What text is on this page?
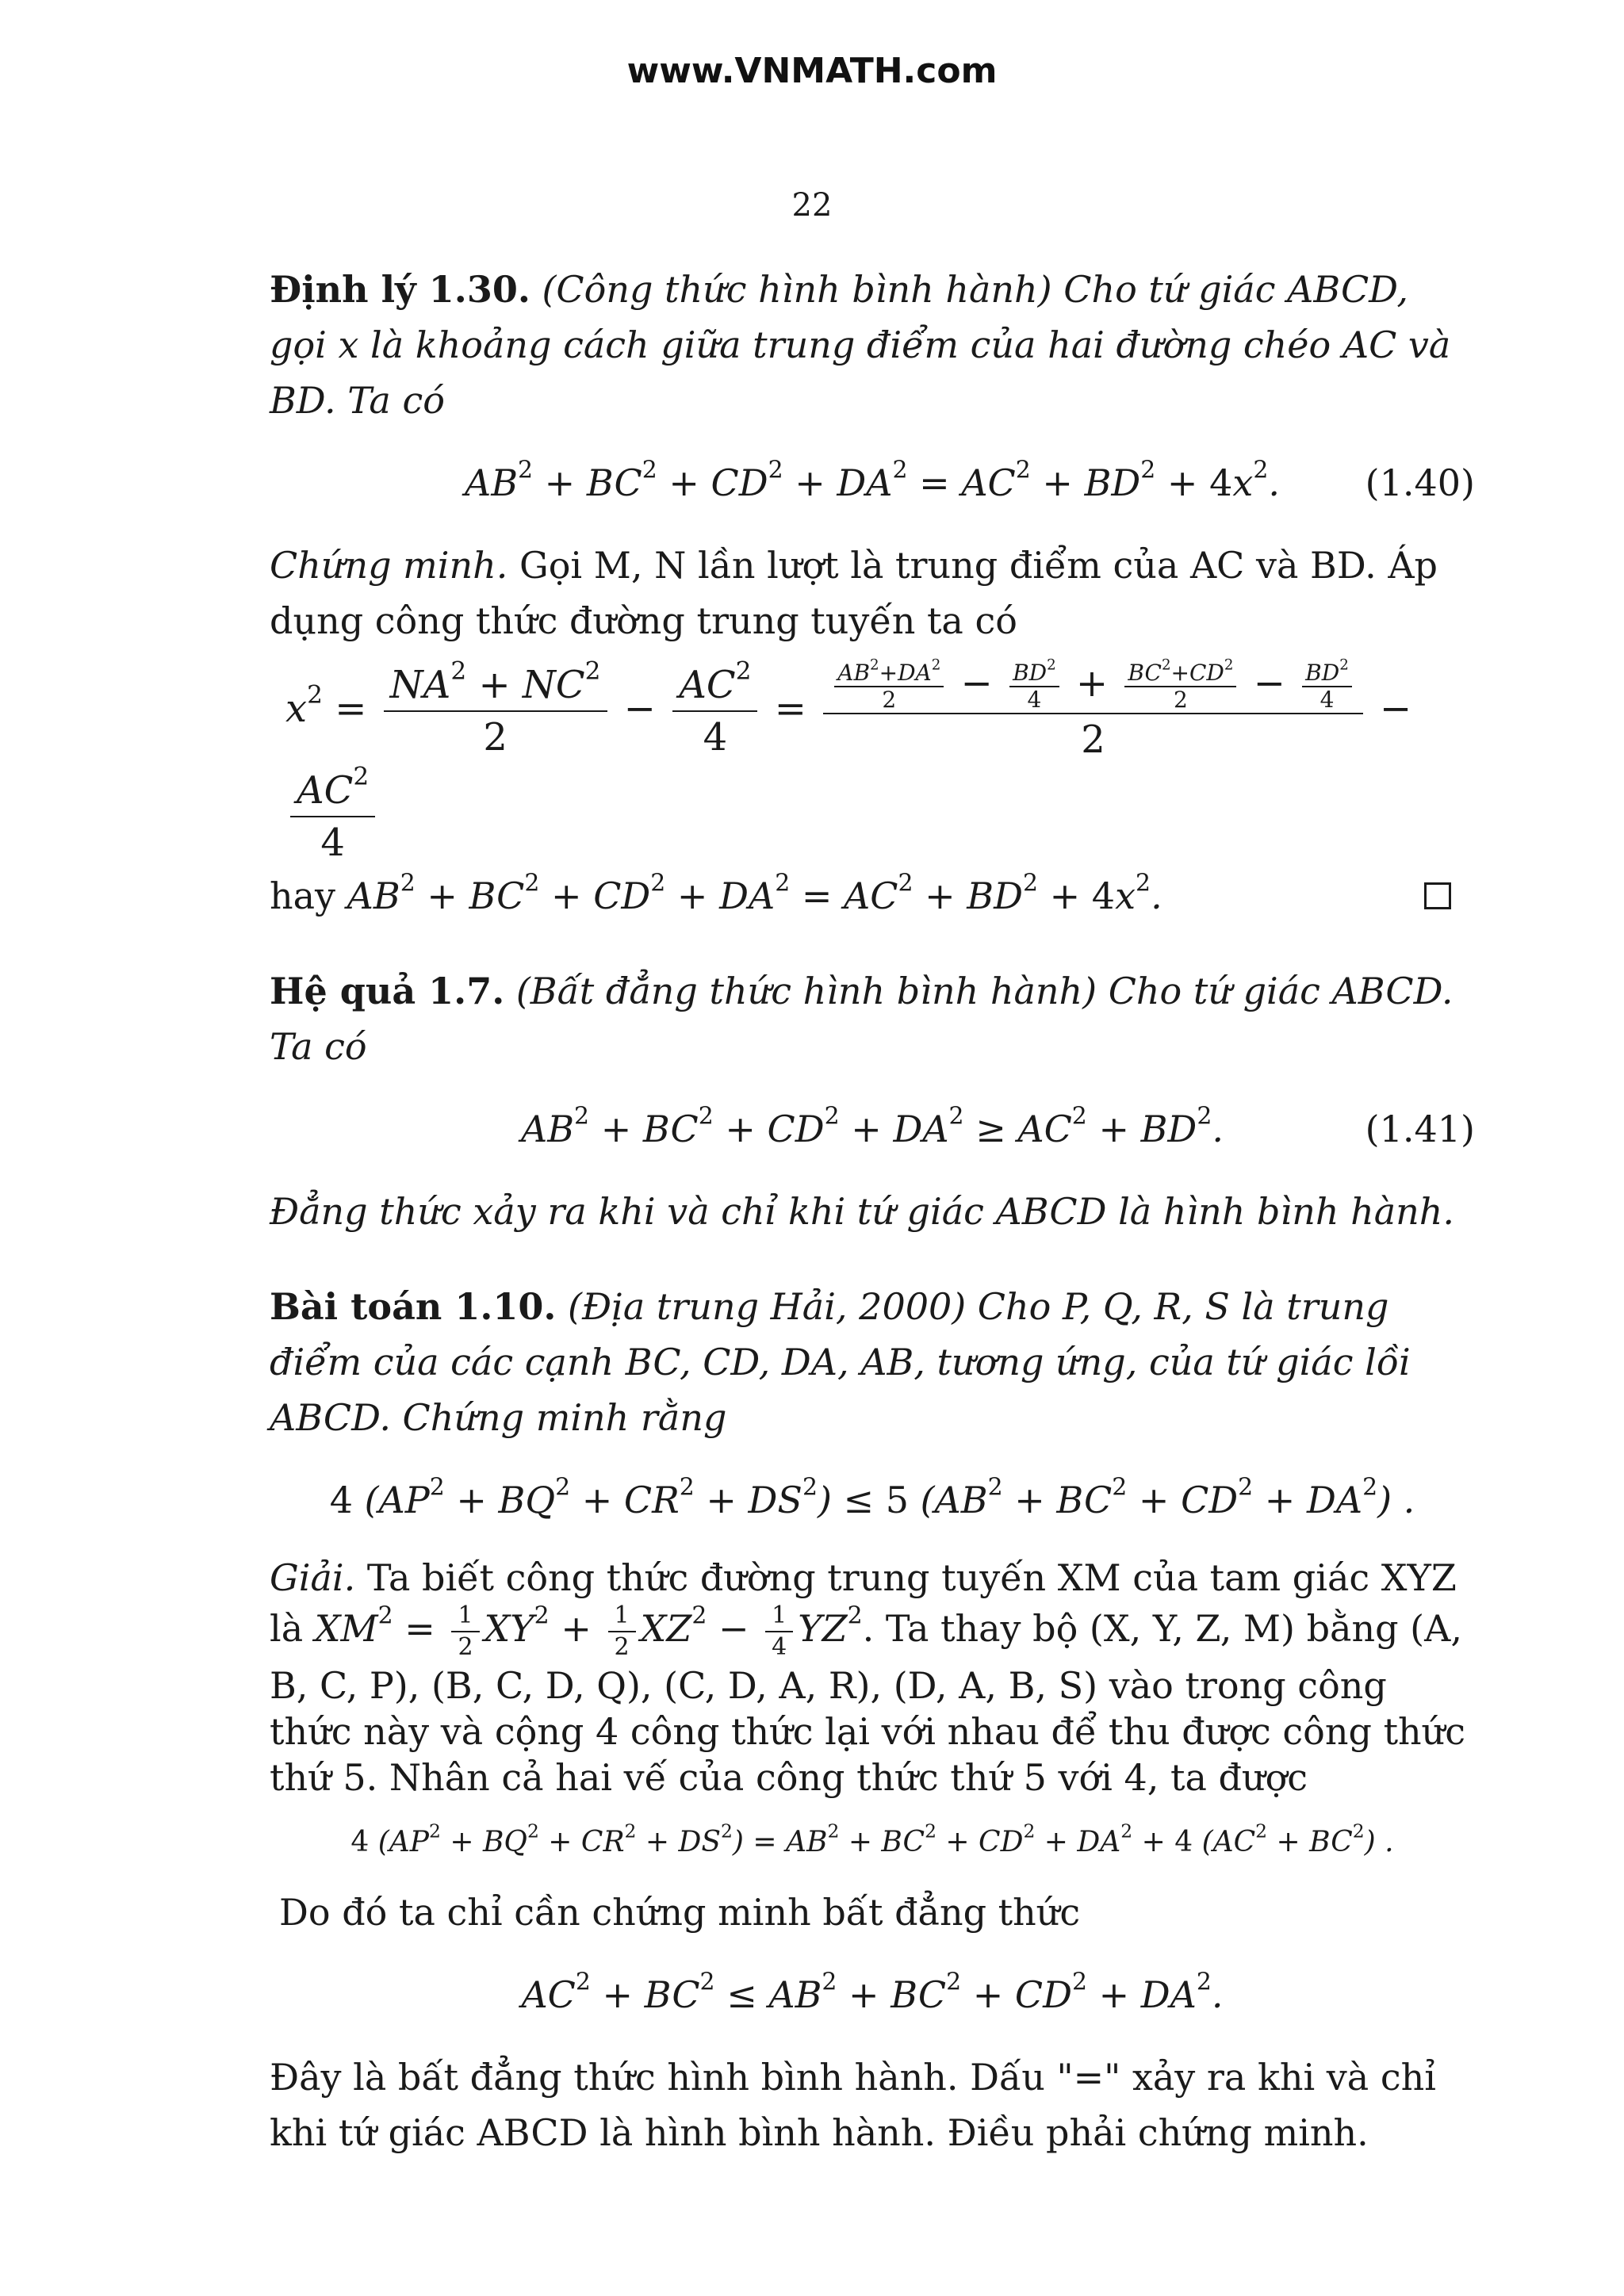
www.VNMATH.com
22

Định lý 1.30. (Công thức hình bình hành) Cho tứ giác ABCD, gọi x là khoảng cách giữa trung điểm của hai đường chéo AC và BD. Ta có

$AB^2 + BC^2 + CD^2 + DA^2 = AC^2 + BD^2 + 4x^2$. (1.40)

Chứng minh. Gọi M, N lần lượt là trung điểm của AC và BD. Áp dụng công thức đường trung tuyến ta có

$x^2 = \frac{NA^2 + NC^2}{2} - \frac{AC^2}{4} = \frac{\frac{AB^2+DA^2}{2} - \frac{BD^2}{4} + \frac{BC^2+CD^2}{2} - \frac{BD^2}{4}}{2}$ −
$\frac{AC^2}{4}$

hay $AB^2 + BC^2 + CD^2 + DA^2 = AC^2 + BD^2 + 4x^2$.

Hệ quả 1.7. (Bất đẳng thức hình bình hành) Cho tứ giác ABCD. Ta có

$AB^2 + BC^2 + CD^2 + DA^2 \ge AC^2 + BD^2$.	(1.41)

Đẳng thức xảy ra khi và chỉ khi tứ giác ABCD là hình bình hành.

Bài toán 1.10. (Địa trung Hải, 2000) Cho P, Q, R, S là trung điểm của các cạnh BC, CD, DA, AB, tương ứng, của tứ giác lồi ABCD. Chứng minh rằng

4 $(AP^2 + BQ^2 + CR^2 + DS^2) \le 5$ $(AB^2 + BC^2 + CD^2 + DA^2)$ .

Giải. Ta biết công thức đường trung tuyến XM của tam giác XYZ là $XM^2 = \frac{1}{2} XY^2 + \frac{1}{2} XZ^2 - \frac{1}{4} YZ^2$. Ta thay bộ (X, Y, Z, M) bằng (A, B, C, P), (B, C, D, Q), (C, D, A, R), (D, A, B, S) vào trong công thức này và cộng 4 công thức lại với nhau để thu được công thức thứ 5. Nhân cả hai vế của công thức thứ 5 với 4, ta được

4 $(AP^2 + BQ^2 + CR^2 + DS^2) = AB^2 + BC^2 + CD^2 + DA^2 + 4$ $(AC^2 + BC^2)$ .

Do đó ta chỉ cần chứng minh bất đẳng thức

$AC^2 + BC^2 \le AB^2 + BC^2 + CD^2 + DA^2$.

Đây là bất đẳng thức hình bình hành. Dấu "=" xảy ra khi và chỉ khi tứ giác ABCD là hình bình hành. Điều phải chứng minh.
